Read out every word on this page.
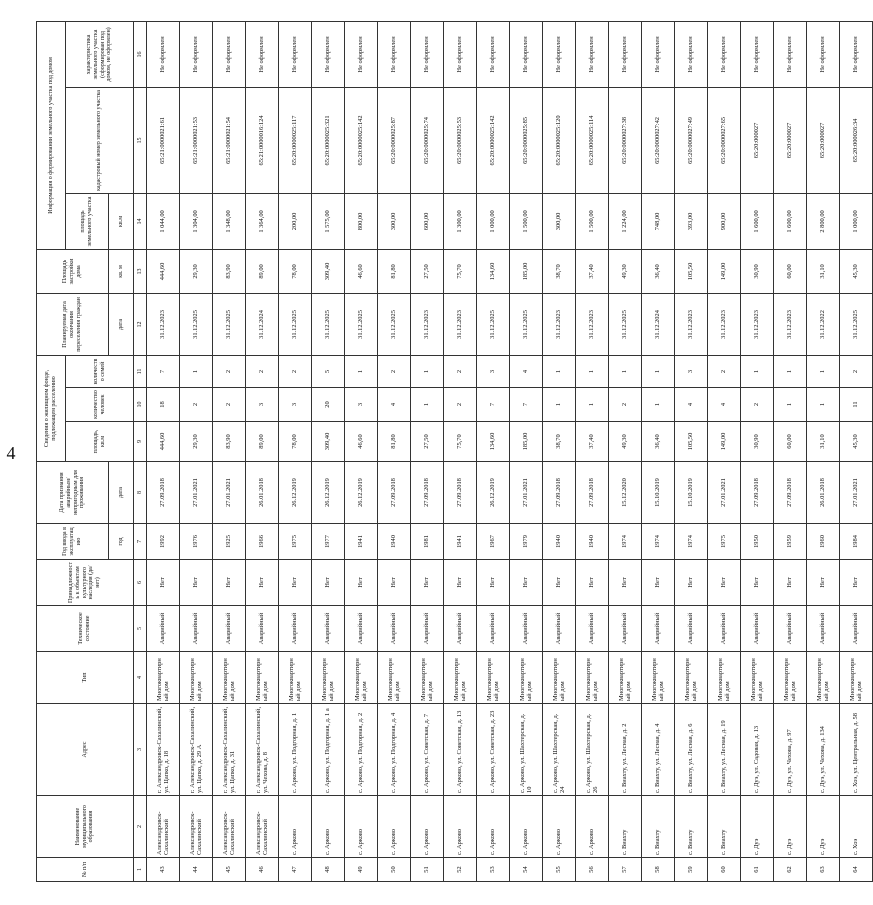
4
№ п/п	Наименование муниципального образования	Адрес	Тип	Техническое состояние	Принадлежность к объектам культурного наследия (да/нет)	Год ввода в эксплуатацию	Дата признания аварийным/непригодным для проживания	Сведения о жилищном фонде, подлежащем расселению			Планируемая дата окончания переселения граждан	Площадь застройки дома	Информация о формировании земельного участка под домом		
								площадь, кв.м	количество человек	количество семей			площадь земельного участка	кадастровый номер земельного участка	характеристика земельного участка (сформирован под домом, не оформлен)
						год	дата				дата	кв. м	кв.м		
1	2	3	4	5	6	7	8	9	10	11	12	13	14	15	16
43	Александровск-Сахалинский	г. Александровск-Сахалинский, ул. Цапко, д. 18	Многоквартирный дом	Аварийный	Нет	1992	27.09.2018	444,60	18	7	31.12.2023	444,60	1 044,00	65:21:0000021:61	Не оформлен
44	Александровск-Сахалинский	г. Александровск-Сахалинский, ул. Цапко, д. 29 А	Многоквартирный дом	Аварийный	Нет	1976	27.01.2021	29,30	2	1	31.12.2025	29,30	1 304,00	65:21:0000021:53	Не оформлен
45	Александровск-Сахалинский	г. Александровск-Сахалинский, ул. Цапко, д. 31	Многоквартирный дом	Аварийный	Нет	1925	27.01.2021	83,90	2	2	31.12.2025	83,90	1 348,00	65:21:0000021:54	Не оформлен
46	Александровск-Сахалинский	г. Александровск-Сахалинский, ул. Чехова, д. 8	Многоквартирный дом	Аварийный	Нет	1966	26.01.2018	89,00	3	2	31.12.2024	89,00	1 364,00	65:21:0000016:124	Не оформлен
47	с. Арково	с. Арково, ул. Подгорная, д. 1	Многоквартирный дом	Аварийный	Нет	1975	26.12.2019	78,00	3	2	31.12.2025	78,00	200,00	65:20:0000025:117	Не оформлен
48	с. Арково	с. Арково, ул. Подгорная, д. 1 а	Многоквартирный дом	Аварийный	Нет	1977	26.12.2019	309,40	20	5	31.12.2025	309,40	1 575,00	65:20:0000025:321	Не оформлен
49	с. Арково	с. Арково, ул. Подгорная, д. 2	Многоквартирный дом	Аварийный	Нет	1941	26.12.2019	46,60	3	1	31.12.2025	46,60	800,00	65:20:0000025:142	Не оформлен
50	с. Арково	с. Арково, ул. Подгорная, д. 4	Многоквартирный дом	Аварийный	Нет	1940	27.09.2018	81,80	4	2	31.12.2025	81,80	300,00	65:20:0000025:87	Не оформлен
51	с. Арково	с. Арково, ул. Советская, д. 7	Многоквартирный дом	Аварийный	Нет	1981	27.09.2018	27,50	1	1	31.12.2023	27,50	600,00	65:20:0000025:74	Не оформлен
52	с. Арково	с. Арково, ул. Советская, д. 13	Многоквартирный дом	Аварийный	Нет	1941	27.09.2018	75,70	2	2	31.12.2023	75,70	1 300,00	65:20:0000025:53	Не оформлен
53	с. Арково	с. Арково, ул. Советская, д. 23	Многоквартирный дом	Аварийный	Нет	1967	26.12.2019	134,60	7	3	31.12.2025	134,60	1 000,00	65:20:0000025:142	Не оформлен
54	с. Арково	с. Арково, ул. Шахтерская, д. 10	Многоквартирный дом	Аварийный	Нет	1979	27.01.2021	185,00	7	4	31.12.2025	185,00	1 500,00	65:20:0000025:85	Не оформлен
55	с. Арково	с. Арково, ул. Шахтерская, д. 24	Многоквартирный дом	Аварийный	Нет	1940	27.09.2018	38,70	1	1	31.12.2023	38,70	300,00	65:20:0000025:120	Не оформлен
56	с. Арково	с. Арково, ул. Шахтерская, д. 26	Многоквартирный дом	Аварийный	Нет	1940	27.09.2018	37,40	1	1	31.12.2023	37,40	1 500,00	65:20:0000025:114	Не оформлен
57	с. Виахту	с. Виахту, ул. Лесная, д. 2	Многоквартирный дом	Аварийный	Нет	1974	15.12.2020	49,30	2	1	31.12.2025	49,30	1 224,00	65:20:0000027:38	Не оформлен
58	с. Виахту	с. Виахту, ул. Лесная, д. 4	Многоквартирный дом	Аварийный	Нет	1974	15.10.2019	36,40	1	1	31.12.2024	36,40	748,00	65:20:0000027:42	Не оформлен
59	с. Виахту	с. Виахту, ул. Лесная, д. 6	Многоквартирный дом	Аварийный	Нет	1974	15.10.2019	105,50	4	3	31.12.2023	105,50	393,00	65:20:0000027:49	Не оформлен
60	с. Виахту	с. Виахту, ул. Лесная, д. 19	Многоквартирный дом	Аварийный	Нет	1975	27.01.2021	149,00	4	2	31.12.2023	149,00	900,00	65:20:0000027:65	Не оформлен
61	с. Дуэ	с. Дуэ, ул. Садовая, д. 13	Многоквартирный дом	Аварийный	Нет	1950	27.09.2018	30,90	2	1	31.12.2023	30,90	1 600,00	65:20:000027	Не оформлен
62	с. Дуэ	с. Дуэ, ул. Чехова, д. 97	Многоквартирный дом	Аварийный	Нет	1959	27.09.2018	60,00	1	1	31.12.2023	60,00	1 600,00	65:20:000027	Не оформлен
63	с. Дуэ	с. Дуэ, ул. Чехова, д. 134	Многоквартирный дом	Аварийный	Нет	1960	26.01.2018	31,10	1	1	31.12.2022	31,10	2 800,00	65:20:000027	Не оформлен
64	с. Хоэ	с. Хоэ, ул. Центральная, д. 58	Многоквартирный дом	Аварийный	Нет	1984	27.01.2021	45,30	11	2	31.12.2025	45,30	1 000,00	65:20:000026:34	Не оформлен
